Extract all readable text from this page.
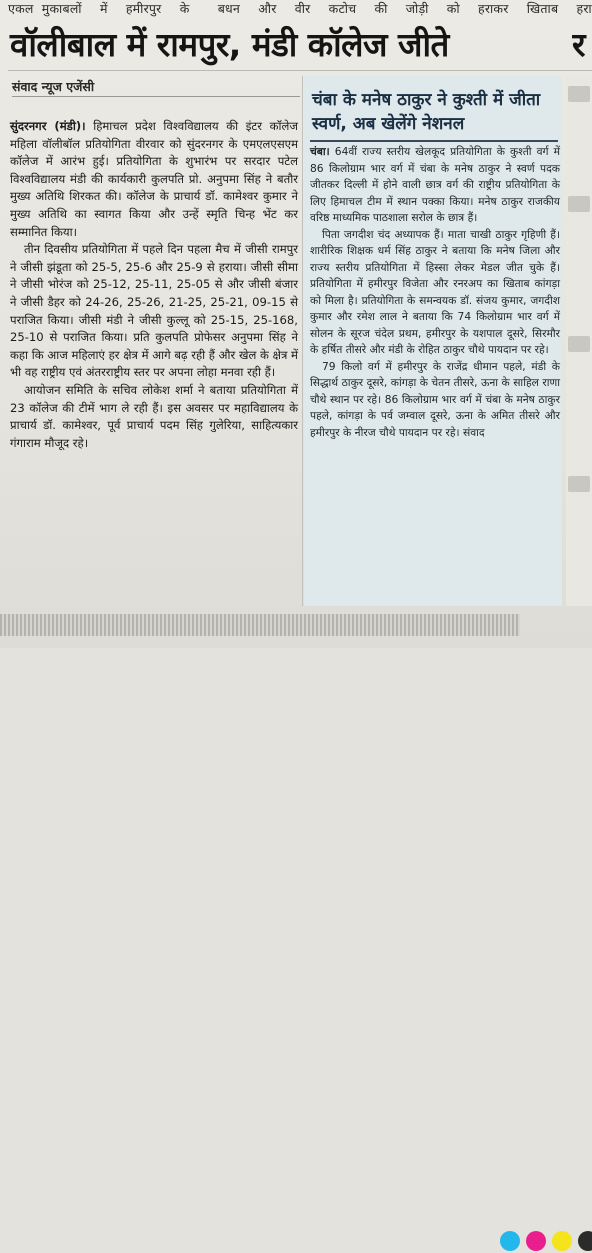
एकल मुकाबलों में हमीरपुर के बधन और वीर कटोच की जोड़ी को हराकर खिताब हरा
वॉलीबाल में रामपुर, मंडी कॉलेज जीते	र
संवाद न्यूज एजेंसी

सुंदरनगर (मंडी)। हिमाचल प्रदेश विश्वविद्यालय की इंटर कॉलेज महिला वॉलीबॉल प्रतियोगिता वीरवार को सुंदरनगर के एमएलएसएम कॉलेज में आरंभ हुई। प्रतियोगिता के शुभारंभ पर सरदार पटेल विश्वविद्यालय मंडी की कार्यकारी कुलपति प्रो. अनुपमा सिंह ने बतौर मुख्य अतिथि शिरकत की। कॉलेज के प्राचार्य डॉ. कामेश्वर कुमार ने मुख्य अतिथि का स्वागत किया और उन्हें स्मृति चिन्ह भेंट कर सम्मानित किया।

तीन दिवसीय प्रतियोगिता में पहले दिन पहला मैच में जीसी रामपुर ने जीसी झंडूता को 25-5, 25-6 और 25-9 से हराया। जीसी सीमा ने जीसी भोरंज को 25-12, 25-11, 25-05 से और जीसी बंजार ने जीसी डैहर को 24-26, 25-26, 21-25, 25-21, 09-15 से पराजित किया। जीसी मंडी ने जीसी कुल्लू को 25-15, 25-168, 25-10 से पराजित किया। प्रति कुलपति प्रोफेसर अनुपमा सिंह ने कहा कि आज महिलाएं हर क्षेत्र में आगे बढ़ रही हैं और खेल के क्षेत्र में भी वह राष्ट्रीय एवं अंतरराष्ट्रीय स्तर पर अपना लोहा मनवा रही हैं।

आयोजन समिति के सचिव लोकेश शर्मा ने बताया प्रतियोगिता में 23 कॉलेज की टीमें भाग ले रही हैं। इस अवसर पर महाविद्यालय के प्राचार्य डॉ. कामेश्वर, पूर्व प्राचार्य पदम सिंह गुलेरिया, साहित्यकार गंगाराम मौजूद रहे।

चंबा के मनेष ठाकुर ने कुश्ती में जीता स्वर्ण, अब खेलेंगे नेशनल

चंबा। 64वीं राज्य स्तरीय खेलकूद प्रतियोगिता के कुश्ती वर्ग में 86 किलोग्राम भार वर्ग में चंबा के मनेष ठाकुर ने स्वर्ण पदक जीतकर दिल्ली में होने वाली छात्र वर्ग की राष्ट्रीय प्रतियोगिता के लिए हिमाचल टीम में स्थान पक्का किया। मनेष ठाकुर राजकीय वरिष्ठ माध्यमिक पाठशाला सरोल के छात्र हैं।

पिता जगदीश चंद अध्यापक हैं। माता चाखी ठाकुर गृहिणी हैं। शारीरिक शिक्षक धर्म सिंह ठाकुर ने बताया कि मनेष जिला और राज्य स्तरीय प्रतियोगिता में हिस्सा लेकर मेडल जीत चुके हैं। प्रतियोगिता में हमीरपुर विजेता और रनरअप का खिताब कांगड़ा को मिला है। प्रतियोगिता के समन्वयक डॉ. संजय कुमार, जगदीश कुमार और रमेश लाल ने बताया कि 74 किलोग्राम भार वर्ग में सोलन के सूरज चंदेल प्रथम, हमीरपुर के यशपाल दूसरे, सिरमौर के हर्षित तीसरे और मंडी के रोहित ठाकुर चौथे पायदान पर रहे।

79 किलो वर्ग में हमीरपुर के राजेंद्र धीमान पहले, मंडी के सिद्धार्थ ठाकुर दूसरे, कांगड़ा के चेतन तीसरे, ऊना के साहिल राणा चौथे स्थान पर रहे। 86 किलोग्राम भार वर्ग में चंबा के मनेष ठाकुर पहले, कांगड़ा के पर्व जम्वाल दूसरे, ऊना के अमित तीसरे और हमीरपुर के नीरज चौथे पायदान पर रहे। संवाद
